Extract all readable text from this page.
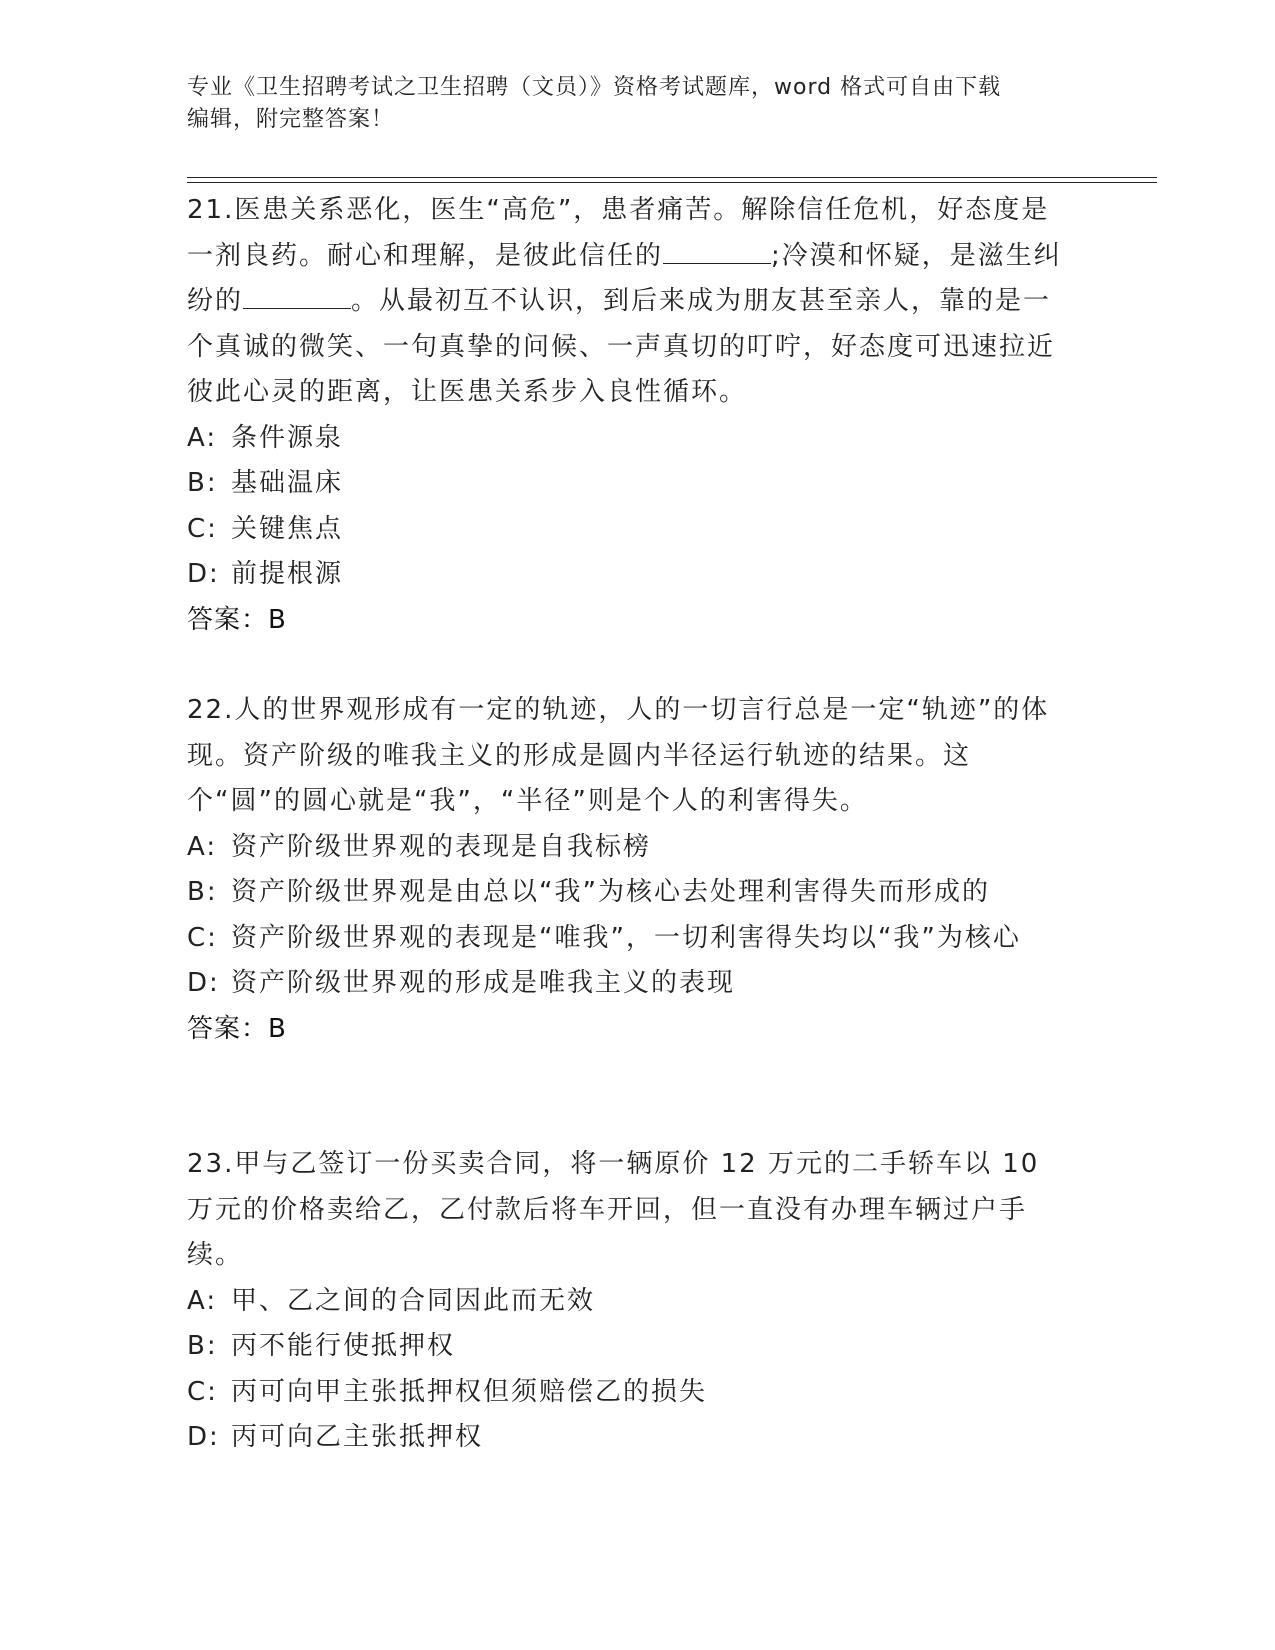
专业《卫生招聘考试之卫生招聘（文员）》资格考试题库，word 格式可自由下载
编辑，附完整答案！

21.医患关系恶化，医生“高危”，患者痛苦。解除信任危机，好态度是一剂良药。耐心和理解，是彼此信任的	;冷漠和怀疑，是滋生纠纷的	。从最初互不认识，到后来成为朋友甚至亲人，靠的是一个真诚的微笑、一句真挚的问候、一声真切的叮咛，好态度可迅速拉近彼此心灵的距离，让医患关系步入良性循环。

A: 条件源泉

B: 基础温床

C: 关键焦点

D: 前提根源

答案：B

22.人的世界观形成有一定的轨迹，人的一切言行总是一定“轨迹”的体现。资产阶级的唯我主义的形成是圆内半径运行轨迹的结果。这个“圆”的圆心就是“我”，“半径”则是个人的利害得失。

A: 资产阶级世界观的表现是自我标榜

B: 资产阶级世界观是由总以“我”为核心去处理利害得失而形成的

C: 资产阶级世界观的表现是“唯我”，一切利害得失均以“我”为核心

D: 资产阶级世界观的形成是唯我主义的表现

答案：B

23.甲与乙签订一份买卖合同，将一辆原价 12 万元的二手轿车以 10 万元的价格卖给乙，乙付款后将车开回，但一直没有办理车辆过户手续。

A: 甲、乙之间的合同因此而无效

B: 丙不能行使抵押权

C: 丙可向甲主张抵押权但须赔偿乙的损失

D: 丙可向乙主张抵押权
